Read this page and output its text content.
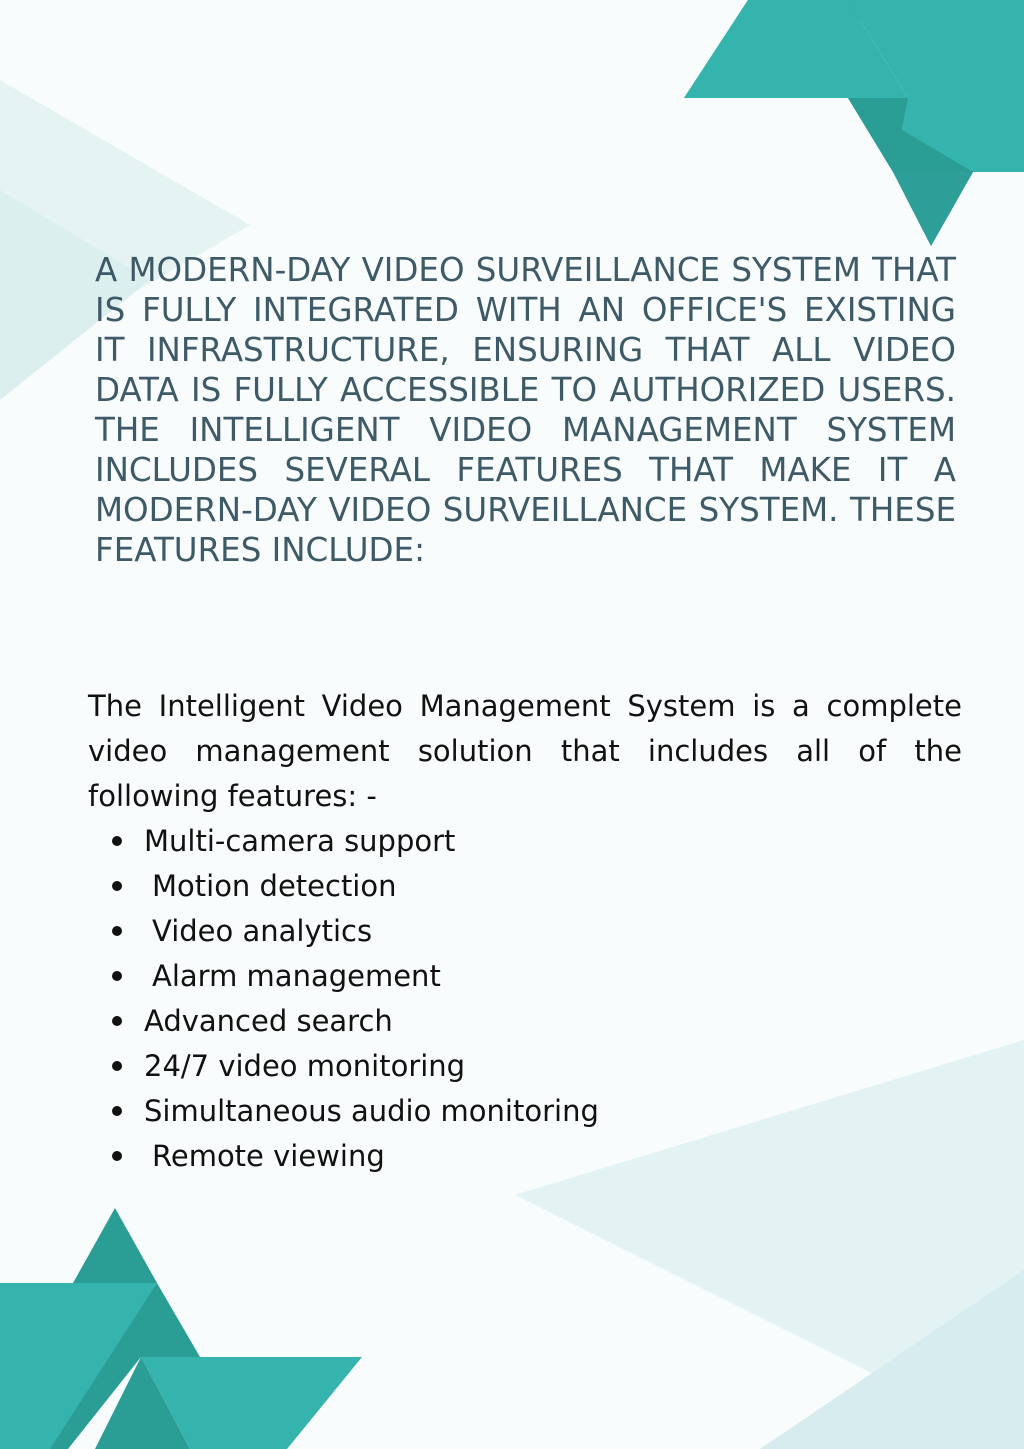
A MODERN-DAY VIDEO SURVEILLANCE SYSTEM THAT IS FULLY INTEGRATED WITH AN OFFICE'S EXISTING IT INFRASTRUCTURE, ENSURING THAT ALL VIDEO DATA IS FULLY ACCESSIBLE TO AUTHORIZED USERS. THE INTELLIGENT VIDEO MANAGEMENT SYSTEM INCLUDES SEVERAL FEATURES THAT MAKE IT A MODERN-DAY VIDEO SURVEILLANCE SYSTEM. THESE FEATURES INCLUDE:

The Intelligent Video Management System is a complete video management solution that includes all of the following features: -

Multi-camera support
Motion detection
Video analytics
Alarm management
Advanced search
24/7 video monitoring
Simultaneous audio monitoring
Remote viewing
